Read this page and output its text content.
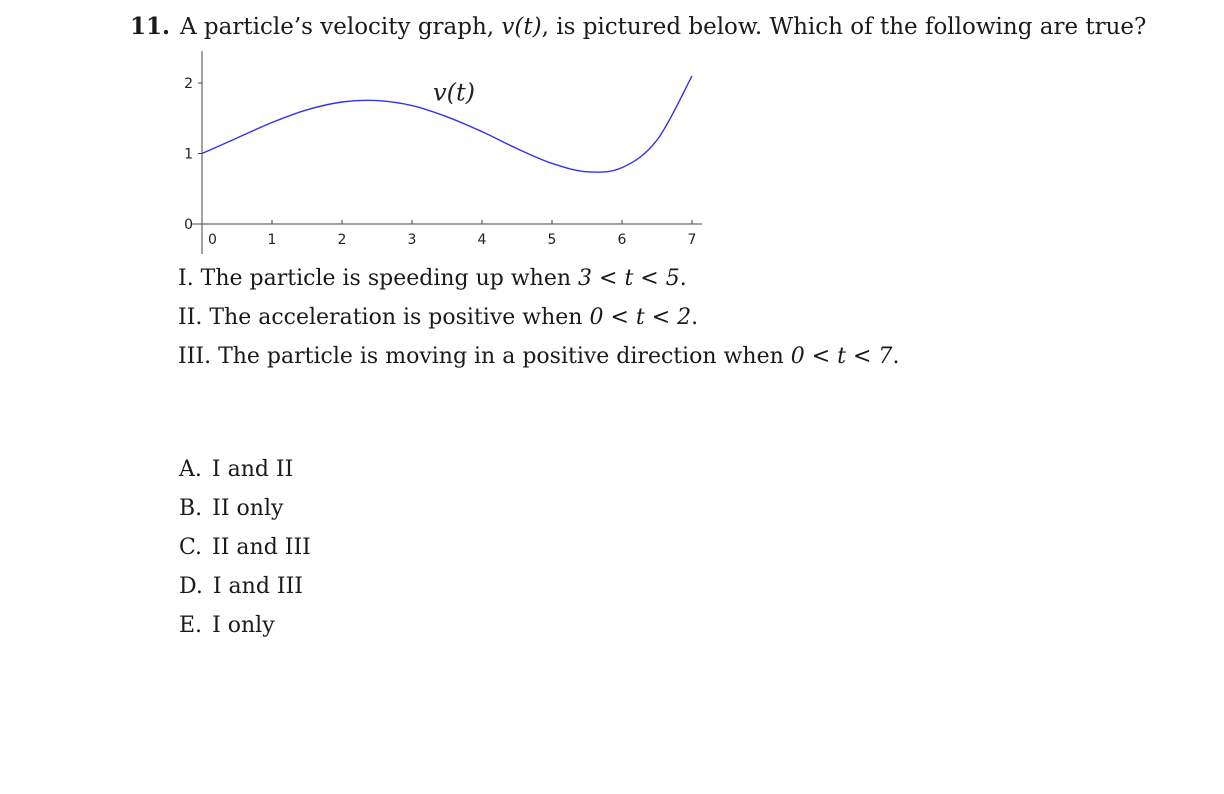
11. A particle’s velocity graph, v(t), is pictured below. Which of the following are true?
0	1	2	3	4	5	6	7
0
1
2	v(t)
I. The particle is speeding up when 3 < t < 5.
II. The acceleration is positive when 0 < t < 2.
III. The particle is moving in a positive direction when 0 < t < 7.
A. I and II
B. II only
C. II and III
D. I and III
E. I only
